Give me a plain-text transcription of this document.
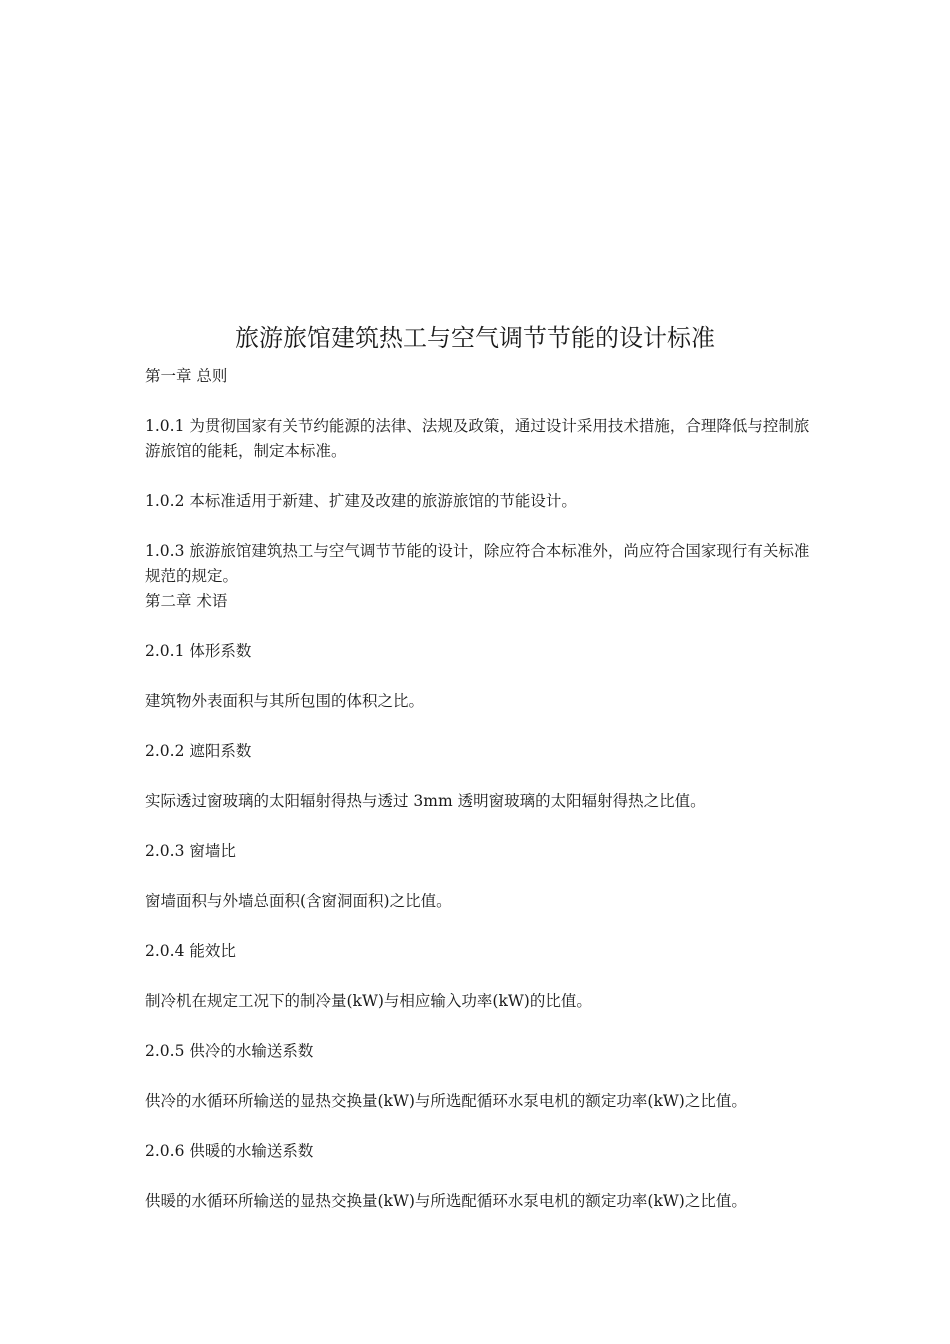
旅游旅馆建筑热工与空气调节节能的设计标准

第一章 总则

1.0.1 为贯彻国家有关节约能源的法律、法规及政策，通过设计采用技术措施，合理降低与控制旅游旅馆的能耗，制定本标准。

1.0.2 本标准适用于新建、扩建及改建的旅游旅馆的节能设计。

1.0.3 旅游旅馆建筑热工与空气调节节能的设计，除应符合本标准外，尚应符合国家现行有关标准规范的规定。

第二章 术语

2.0.1 体形系数

建筑物外表面积与其所包围的体积之比。

2.0.2 遮阳系数

实际透过窗玻璃的太阳辐射得热与透过 3mm 透明窗玻璃的太阳辐射得热之比值。

2.0.3 窗墙比

窗墙面积与外墙总面积(含窗洞面积)之比值。

2.0.4 能效比

制冷机在规定工况下的制冷量(kW)与相应输入功率(kW)的比值。

2.0.5 供冷的水输送系数

供冷的水循环所输送的显热交换量(kW)与所选配循环水泵电机的额定功率(kW)之比值。

2.0.6 供暖的水输送系数

供暖的水循环所输送的显热交换量(kW)与所选配循环水泵电机的额定功率(kW)之比值。
